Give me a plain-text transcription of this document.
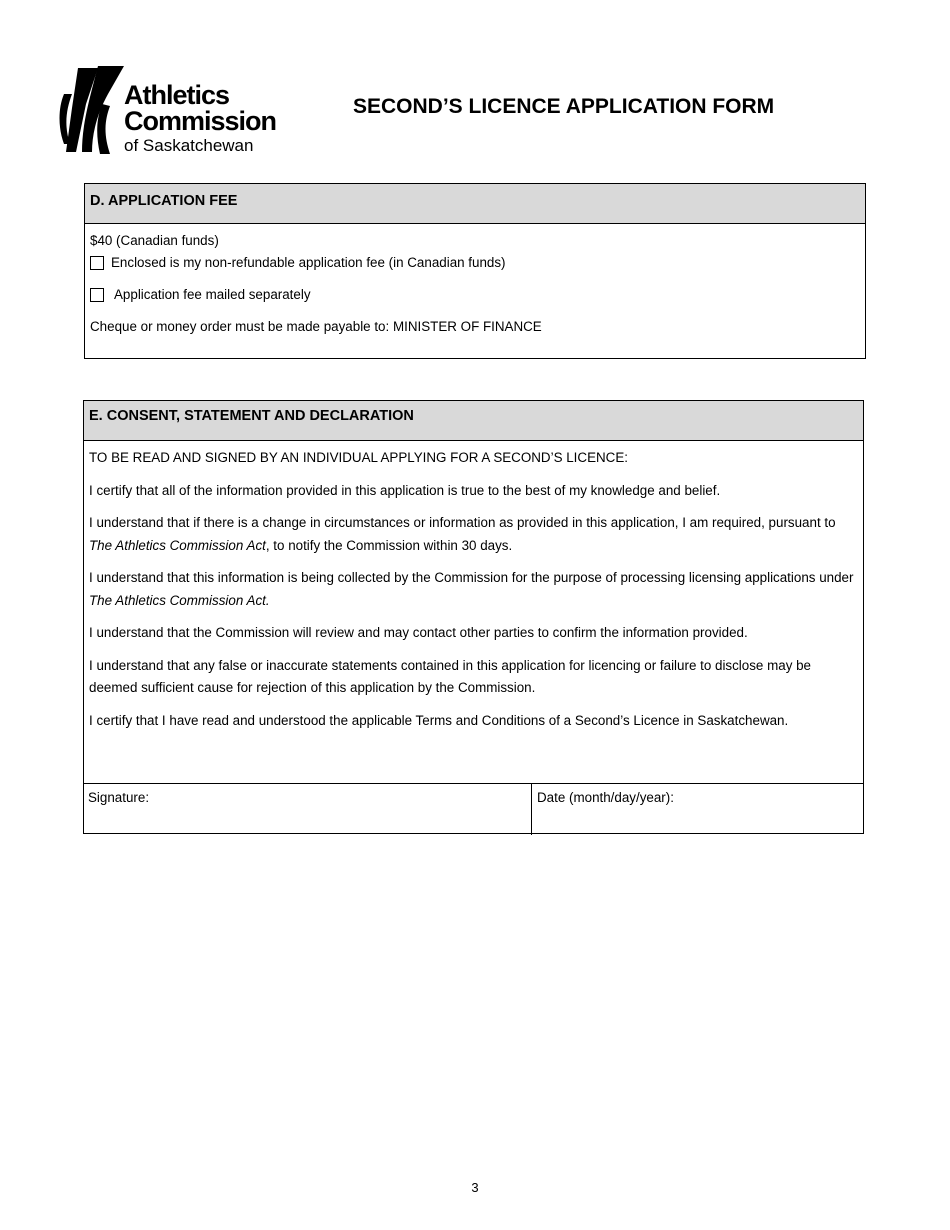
Athletics
Commission
of Saskatchewan
SECOND’S LICENCE APPLICATION FORM
D. APPLICATION FEE
$40 (Canadian funds)
Enclosed is my non-refundable application fee (in Canadian funds)
Application fee mailed separately
Cheque or money order must be made payable to: MINISTER OF FINANCE
E. CONSENT, STATEMENT AND DECLARATION

TO BE READ AND SIGNED BY AN INDIVIDUAL APPLYING FOR A SECOND’S LICENCE:

I certify that all of the information provided in this application is true to the best of my knowledge and belief.

I understand that if there is a change in circumstances or information as provided in this application, I am required, pursuant to The Athletics Commission Act, to notify the Commission within 30 days.

I understand that this information is being collected by the Commission for the purpose of processing licensing applications under The Athletics Commission Act.

I understand that the Commission will review and may contact other parties to confirm the information provided.

I understand that any false or inaccurate statements contained in this application for licencing or failure to disclose may be deemed sufficient cause for rejection of this application by the Commission.

I certify that I have read and understood the applicable Terms and Conditions of a Second’s Licence in Saskatchewan.

Signature:	Date (month/day/year):
3
